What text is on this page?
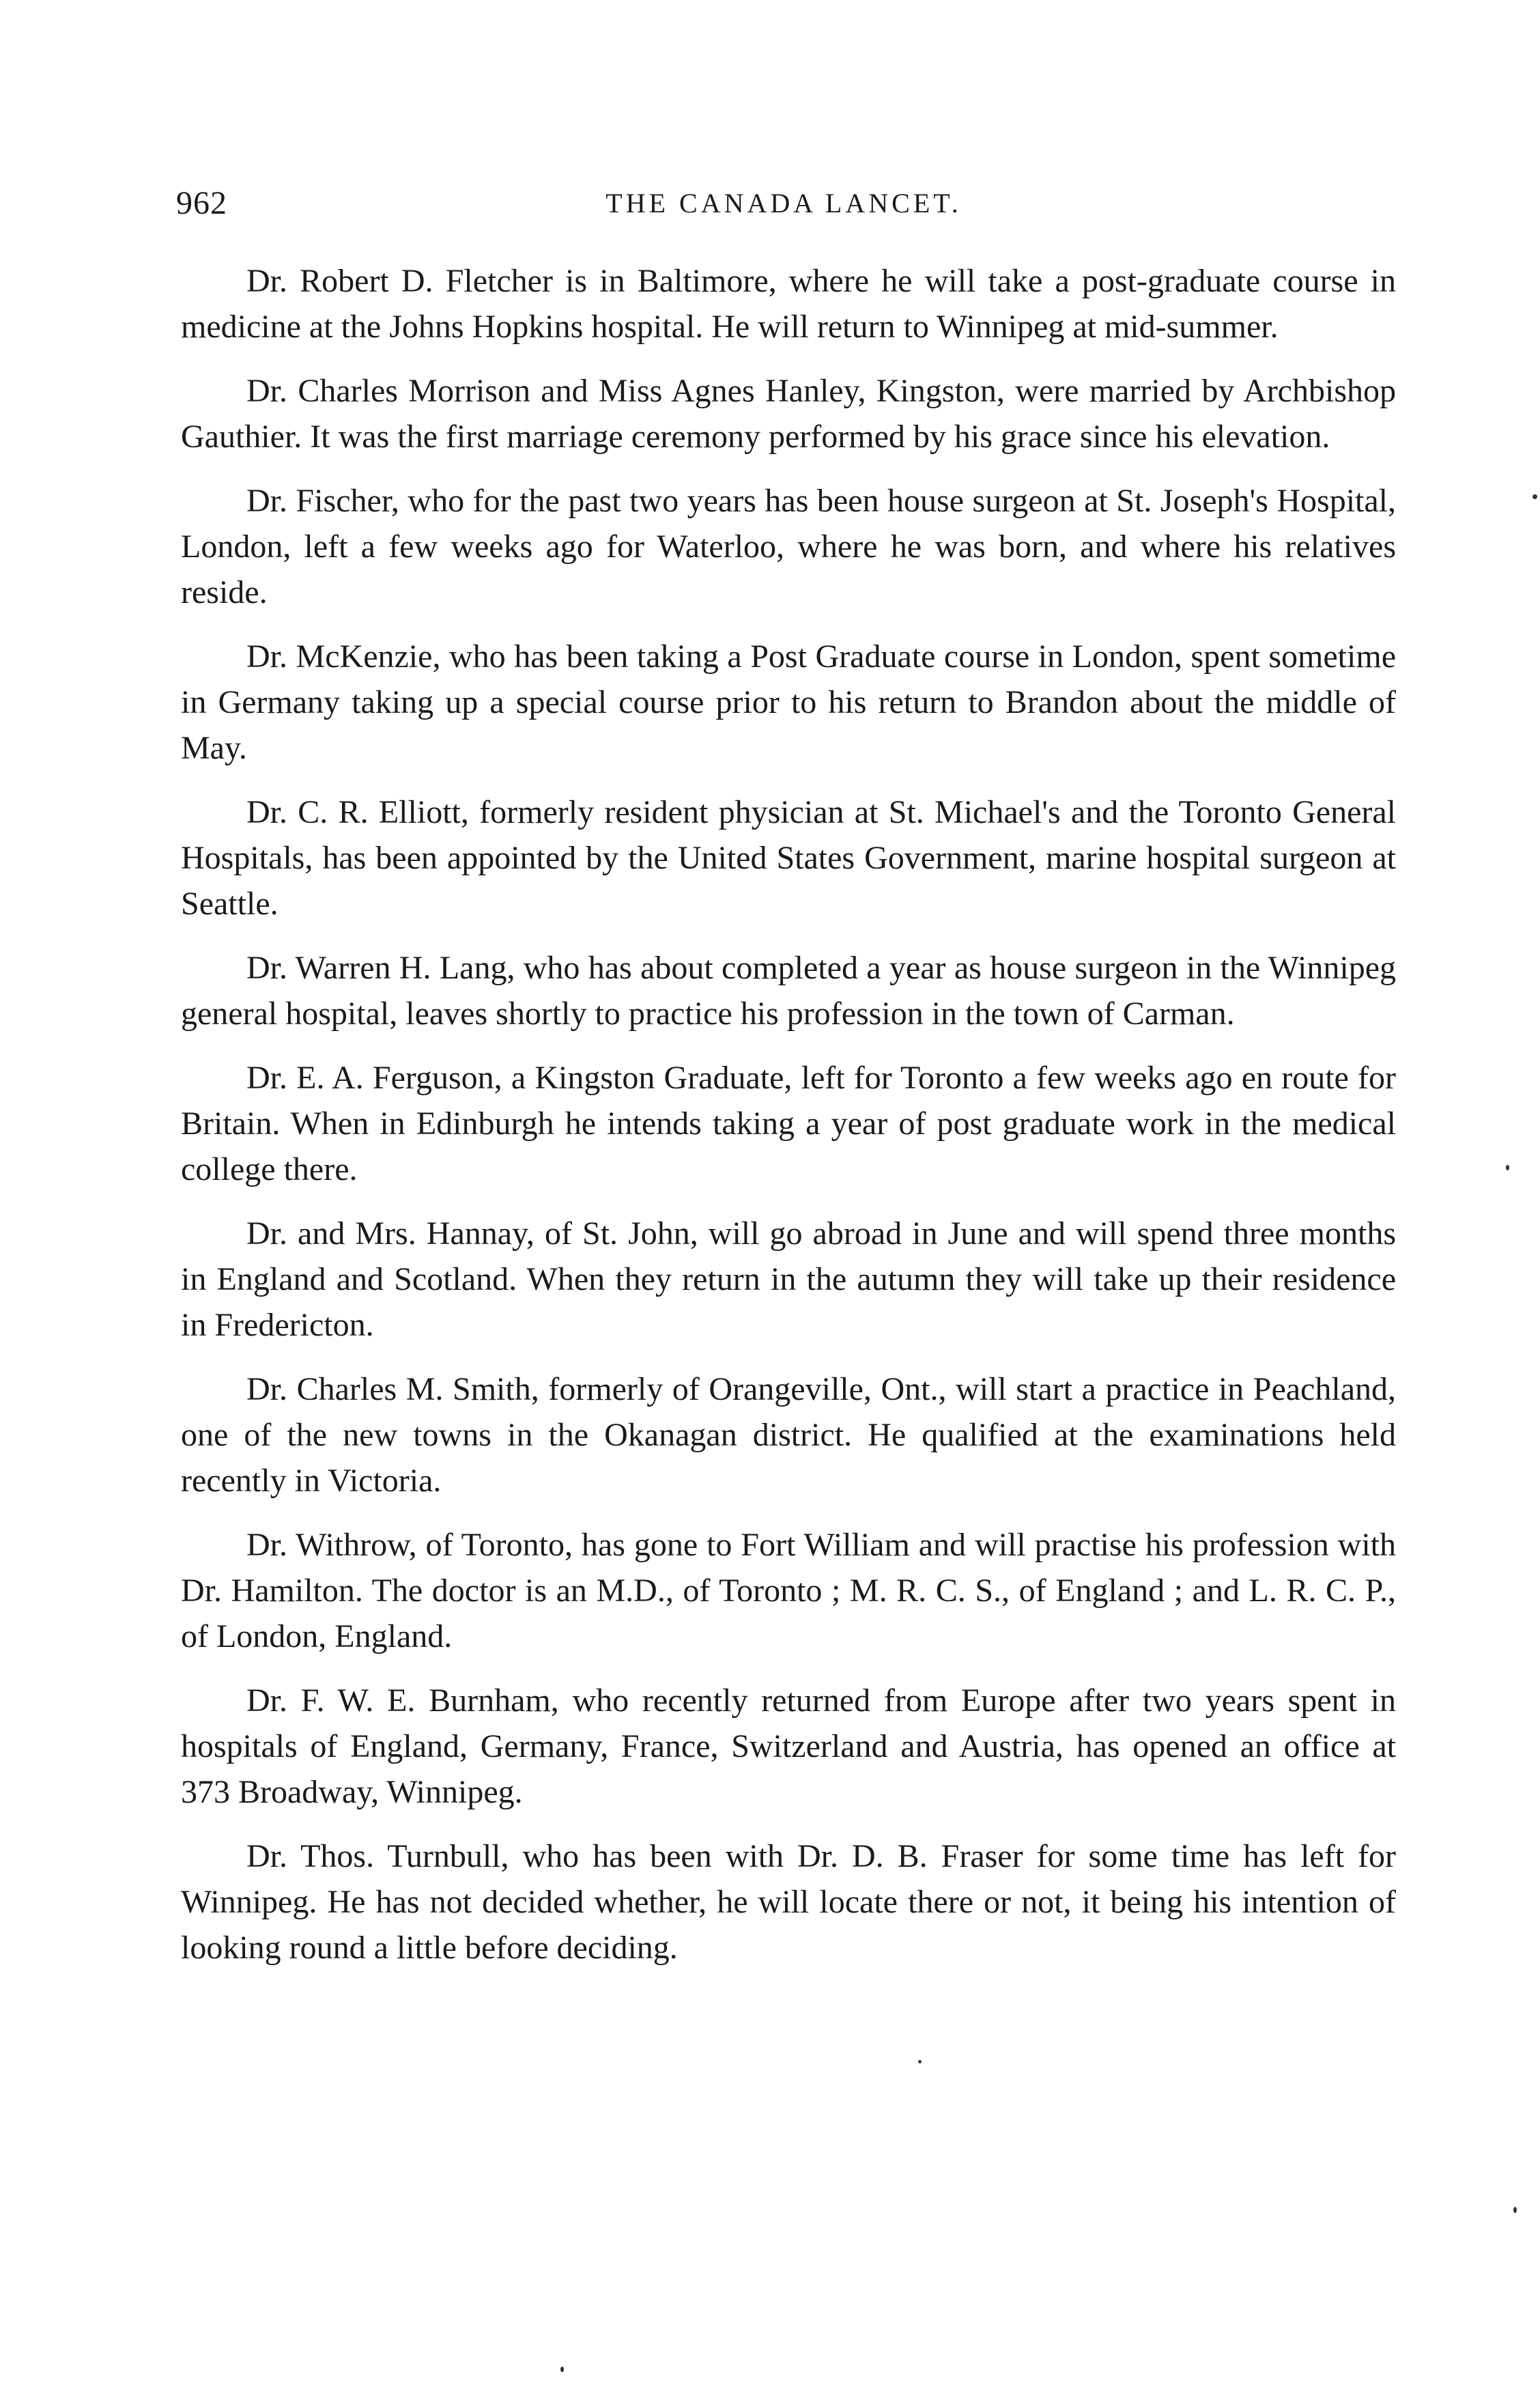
962	THE CANADA LANCET.

Dr. Robert D. Fletcher is in Baltimore, where he will take a post-graduate course in medicine at the Johns Hopkins hospital. He will return to Winnipeg at mid-summer.

Dr. Charles Morrison and Miss Agnes Hanley, Kingston, were married by Archbishop Gauthier. It was the first marriage ceremony performed by his grace since his elevation.

Dr. Fischer, who for the past two years has been house surgeon at St. Joseph's Hospital, London, left a few weeks ago for Waterloo, where he was born, and where his relatives reside.

Dr. McKenzie, who has been taking a Post Graduate course in London, spent sometime in Germany taking up a special course prior to his return to Brandon about the middle of May.

Dr. C. R. Elliott, formerly resident physician at St. Michael's and the Toronto General Hospitals, has been appointed by the United States Government, marine hospital surgeon at Seattle.

Dr. Warren H. Lang, who has about completed a year as house surgeon in the Winnipeg general hospital, leaves shortly to practice his profession in the town of Carman.

Dr. E. A. Ferguson, a Kingston Graduate, left for Toronto a few weeks ago en route for Britain. When in Edinburgh he intends taking a year of post graduate work in the medical college there.

Dr. and Mrs. Hannay, of St. John, will go abroad in June and will spend three months in England and Scotland. When they return in the autumn they will take up their residence in Fredericton.

Dr. Charles M. Smith, formerly of Orangeville, Ont., will start a practice in Peachland, one of the new towns in the Okanagan district. He qualified at the examinations held recently in Victoria.

Dr. Withrow, of Toronto, has gone to Fort William and will practise his profession with Dr. Hamilton. The doctor is an M.D., of Toronto ; M. R. C. S., of England ; and L. R. C. P., of London, England.

Dr. F. W. E. Burnham, who recently returned from Europe after two years spent in hospitals of England, Germany, France, Switzerland and Austria, has opened an office at 373 Broadway, Winnipeg.

Dr. Thos. Turnbull, who has been with Dr. D. B. Fraser for some time has left for Winnipeg. He has not decided whether, he will locate there or not, it being his intention of looking round a little before deciding.
